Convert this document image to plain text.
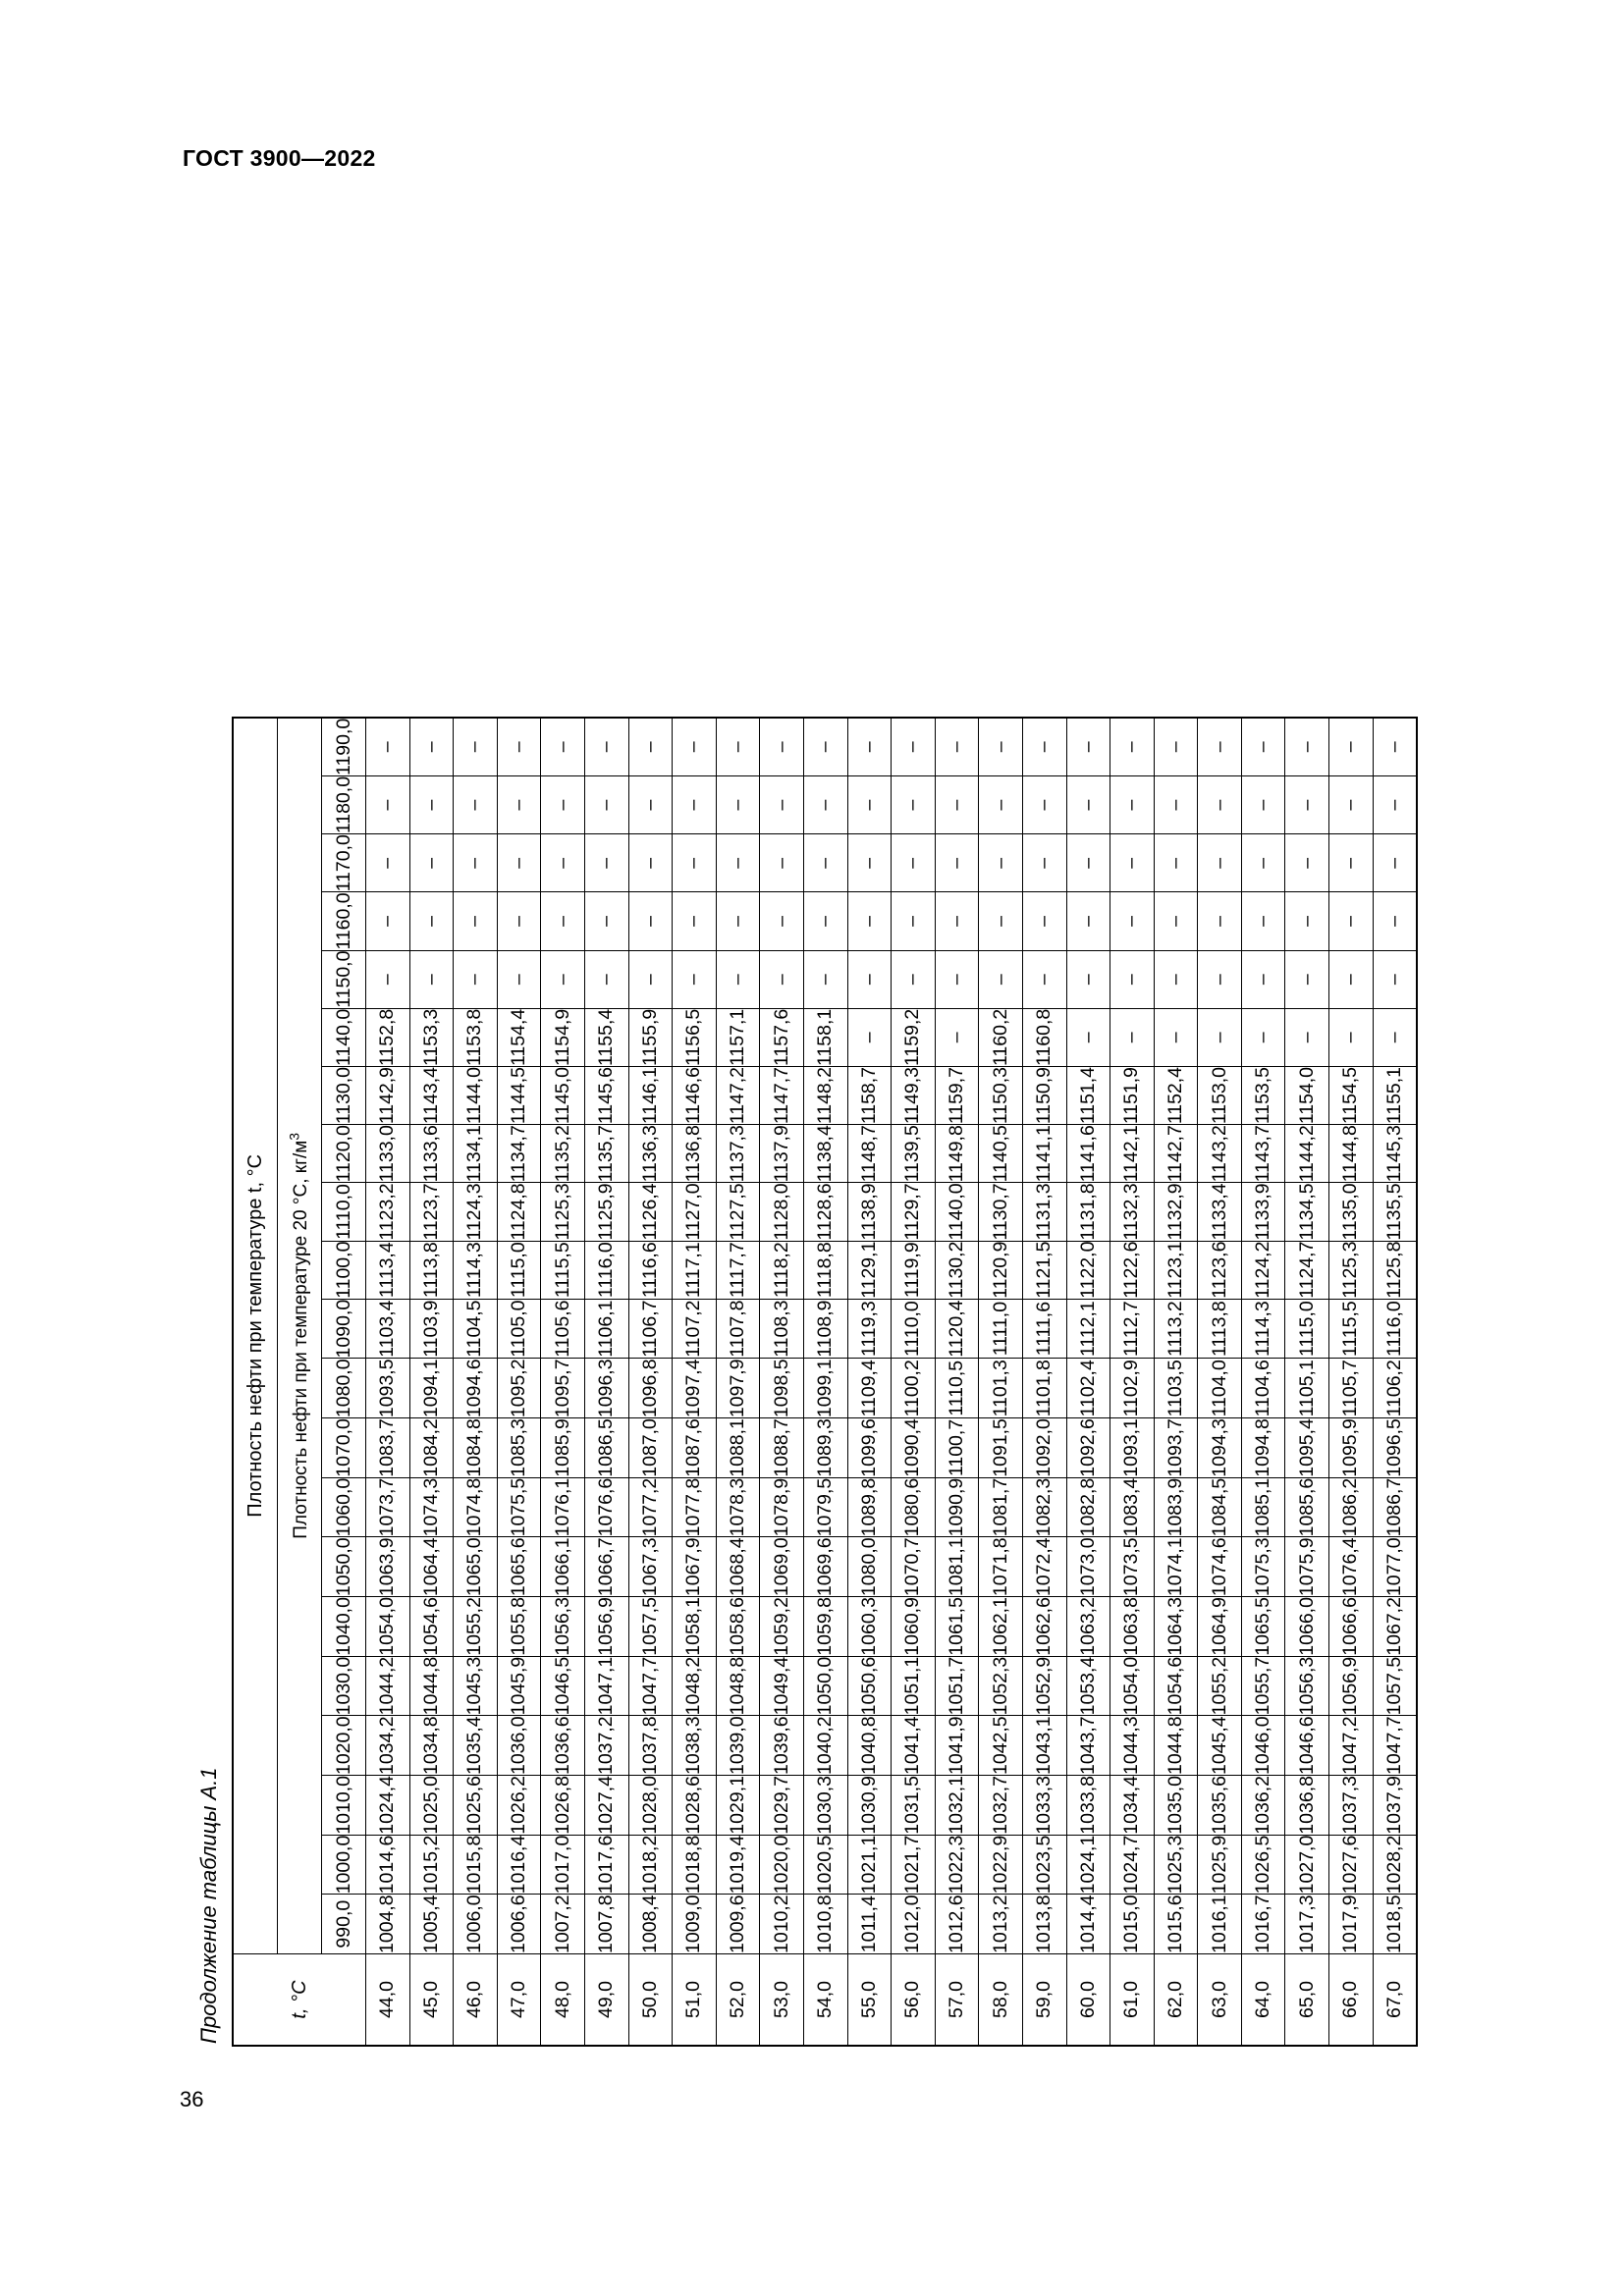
ГОСТ 3900—2022
Продолжение таблицы А.1	t, °C	Плотность нефти при температуре t, °C																				
	Плотность нефти при температуре 20 °C, $кг/м^3$
	990,0	1000,0	1010,0	1020,0	1030,0	1040,0	1050,0	1060,0	1070,0	1080,0	1090,0	1100,0	1110,0	1120,0	1130,0	1140,0	1150,0	1160,0	1170,0	1180,0	1190,0
44,0	1004,8	1014,6	1024,4	1034,2	1044,2	1054,0	1063,9	1073,7	1083,7	1093,5	1103,4	1113,4	1123,2	1133,0	1142,9	1152,8	–	–	–	–	–
45,0	1005,4	1015,2	1025,0	1034,8	1044,8	1054,6	1064,4	1074,3	1084,2	1094,1	1103,9	1113,8	1123,7	1133,6	1143,4	1153,3	–	–	–	–	–
46,0	1006,0	1015,8	1025,6	1035,4	1045,3	1055,2	1065,0	1074,8	1084,8	1094,6	1104,5	1114,3	1124,3	1134,1	1144,0	1153,8	–	–	–	–	–
47,0	1006,6	1016,4	1026,2	1036,0	1045,9	1055,8	1065,6	1075,5	1085,3	1095,2	1105,0	1115,0	1124,8	1134,7	1144,5	1154,4	–	–	–	–	–
48,0	1007,2	1017,0	1026,8	1036,6	1046,5	1056,3	1066,1	1076,1	1085,9	1095,7	1105,6	1115,5	1125,3	1135,2	1145,0	1154,9	–	–	–	–	–
49,0	1007,8	1017,6	1027,4	1037,2	1047,1	1056,9	1066,7	1076,6	1086,5	1096,3	1106,1	1116,0	1125,9	1135,7	1145,6	1155,4	–	–	–	–	–
50,0	1008,4	1018,2	1028,0	1037,8	1047,7	1057,5	1067,3	1077,2	1087,0	1096,8	1106,7	1116,6	1126,4	1136,3	1146,1	1155,9	–	–	–	–	–
51,0	1009,0	1018,8	1028,6	1038,3	1048,2	1058,1	1067,9	1077,8	1087,6	1097,4	1107,2	1117,1	1127,0	1136,8	1146,6	1156,5	–	–	–	–	–
52,0	1009,6	1019,4	1029,1	1039,0	1048,8	1058,6	1068,4	1078,3	1088,1	1097,9	1107,8	1117,7	1127,5	1137,3	1147,2	1157,1	–	–	–	–	–
53,0	1010,2	1020,0	1029,7	1039,6	1049,4	1059,2	1069,0	1078,9	1088,7	1098,5	1108,3	1118,2	1128,0	1137,9	1147,7	1157,6	–	–	–	–	–
54,0	1010,8	1020,5	1030,3	1040,2	1050,0	1059,8	1069,6	1079,5	1089,3	1099,1	1108,9	1118,8	1128,6	1138,4	1148,2	1158,1	–	–	–	–	–
55,0	1011,4	1021,1	1030,9	1040,8	1050,6	1060,3	1080,0	1089,8	1099,6	1109,4	1119,3	1129,1	1138,9	1148,7	1158,7	–	–	–	–	–	–
56,0	1012,0	1021,7	1031,5	1041,4	1051,1	1060,9	1070,7	1080,6	1090,4	1100,2	1110,0	1119,9	1129,7	1139,5	1149,3	1159,2	–	–	–	–	–
57,0	1012,6	1022,3	1032,1	1041,9	1051,7	1061,5	1081,1	1090,9	1100,7	1110,5	1120,4	1130,2	1140,0	1149,8	1159,7	–	–	–	–	–	–
58,0	1013,2	1022,9	1032,7	1042,5	1052,3	1062,1	1071,8	1081,7	1091,5	1101,3	1111,0	1120,9	1130,7	1140,5	1150,3	1160,2	–	–	–	–	–
59,0	1013,8	1023,5	1033,3	1043,1	1052,9	1062,6	1072,4	1082,3	1092,0	1101,8	1111,6	1121,5	1131,3	1141,1	1150,9	1160,8	–	–	–	–	–
60,0	1014,4	1024,1	1033,8	1043,7	1053,4	1063,2	1073,0	1082,8	1092,6	1102,4	1112,1	1122,0	1131,8	1141,6	1151,4	–	–	–	–	–	–
61,0	1015,0	1024,7	1034,4	1044,3	1054,0	1063,8	1073,5	1083,4	1093,1	1102,9	1112,7	1122,6	1132,3	1142,1	1151,9	–	–	–	–	–	–
62,0	1015,6	1025,3	1035,0	1044,8	1054,6	1064,3	1074,1	1083,9	1093,7	1103,5	1113,2	1123,1	1132,9	1142,7	1152,4	–	–	–	–	–	–
63,0	1016,1	1025,9	1035,6	1045,4	1055,2	1064,9	1074,6	1084,5	1094,3	1104,0	1113,8	1123,6	1133,4	1143,2	1153,0	–	–	–	–	–	–
64,0	1016,7	1026,5	1036,2	1046,0	1055,7	1065,5	1075,3	1085,1	1094,8	1104,6	1114,3	1124,2	1133,9	1143,7	1153,5	–	–	–	–	–	–
65,0	1017,3	1027,0	1036,8	1046,6	1056,3	1066,0	1075,9	1085,6	1095,4	1105,1	1115,0	1124,7	1134,5	1144,2	1154,0	–	–	–	–	–	–
66,0	1017,9	1027,6	1037,3	1047,2	1056,9	1066,6	1076,4	1086,2	1095,9	1105,7	1115,5	1125,3	1135,0	1144,8	1154,5	–	–	–	–	–	–
67,0	1018,5	1028,2	1037,9	1047,7	1057,5	1067,2	1077,0	1086,7	1096,5	1106,2	1116,0	1125,8	1135,5	1145,3	1155,1	–	–	–	–	–	–
36
